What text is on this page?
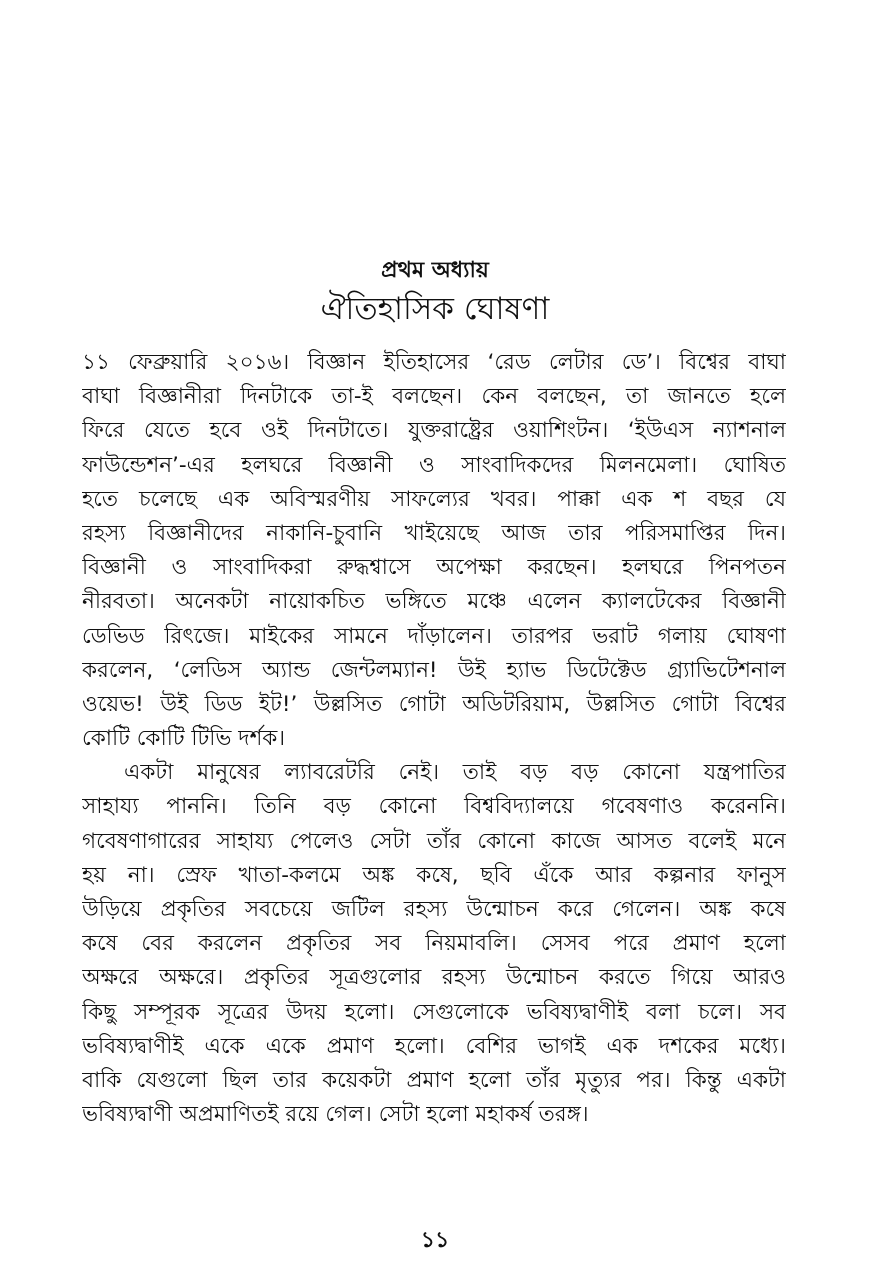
প্রথম অধ্যায়
ঐতিহাসিক ঘোষণা
১১ ফেব্রুয়ারি ২০১৬। বিজ্ঞান ইতিহাসের ‘রেড লেটার ডে’। বিশ্বের বাঘা
বাঘা বিজ্ঞানীরা দিনটাকে তা-ই বলছেন। কেন বলছেন, তা জানতে হলে
ফিরে যেতে হবে ওই দিনটাতে। যুক্তরাষ্ট্রের ওয়াশিংটন। ‘ইউএস ন্যাশনাল
ফাউন্ডেশন’-এর হলঘরে বিজ্ঞানী ও সাংবাদিকদের মিলনমেলা। ঘোষিত
হতে চলেছে এক অবিস্মরণীয় সাফল্যের খবর। পাক্কা এক শ বছর যে
রহস্য বিজ্ঞানীদের নাকানি-চুবানি খাইয়েছে আজ তার পরিসমাপ্তির দিন।
বিজ্ঞানী ও সাংবাদিকরা রুদ্ধশ্বাসে অপেক্ষা করছেন। হলঘরে পিনপতন
নীরবতা। অনেকটা নায়োকচিত ভঙ্গিতে মঞ্চে এলেন ক্যালটেকের বিজ্ঞানী
ডেভিড রিৎজে। মাইকের সামনে দাঁড়ালেন। তারপর ভরাট গলায় ঘোষণা
করলেন, ‘লেডিস অ্যান্ড জেন্টলম্যান! উই হ্যাভ ডিটেক্টেড গ্র্যাভিটেশনাল
ওয়েভ! উই ডিড ইট!’ উল্লসিত গোটা অডিটরিয়াম, উল্লসিত গোটা বিশ্বের
কোটি কোটি টিভি দর্শক।
একটা মানুষের ল্যাবরেটরি নেই। তাই বড় বড় কোনো যন্ত্রপাতির
সাহায্য পাননি। তিনি বড় কোনো বিশ্ববিদ্যালয়ে গবেষণাও করেননি।
গবেষণাগারের সাহায্য পেলেও সেটা তাঁর কোনো কাজে আসত বলেই মনে
হয় না। স্রেফ খাতা-কলমে অঙ্ক কষে, ছবি এঁকে আর কল্পনার ফানুস
উড়িয়ে প্রকৃতির সবচেয়ে জটিল রহস্য উন্মোচন করে গেলেন। অঙ্ক কষে
কষে বের করলেন প্রকৃতির সব নিয়মাবলি। সেসব পরে প্রমাণ হলো
অক্ষরে অক্ষরে। প্রকৃতির সূত্রগুলোর রহস্য উন্মোচন করতে গিয়ে আরও
কিছু সম্পূরক সূত্রের উদয় হলো। সেগুলোকে ভবিষ্যদ্বাণীই বলা চলে। সব
ভবিষ্যদ্বাণীই একে একে প্রমাণ হলো। বেশির ভাগই এক দশকের মধ্যে।
বাকি যেগুলো ছিল তার কয়েকটা প্রমাণ হলো তাঁর মৃত্যুর পর। কিন্তু একটা
ভবিষ্যদ্বাণী অপ্রমাণিতই রয়ে গেল। সেটা হলো মহাকর্ষ তরঙ্গ।
১১
